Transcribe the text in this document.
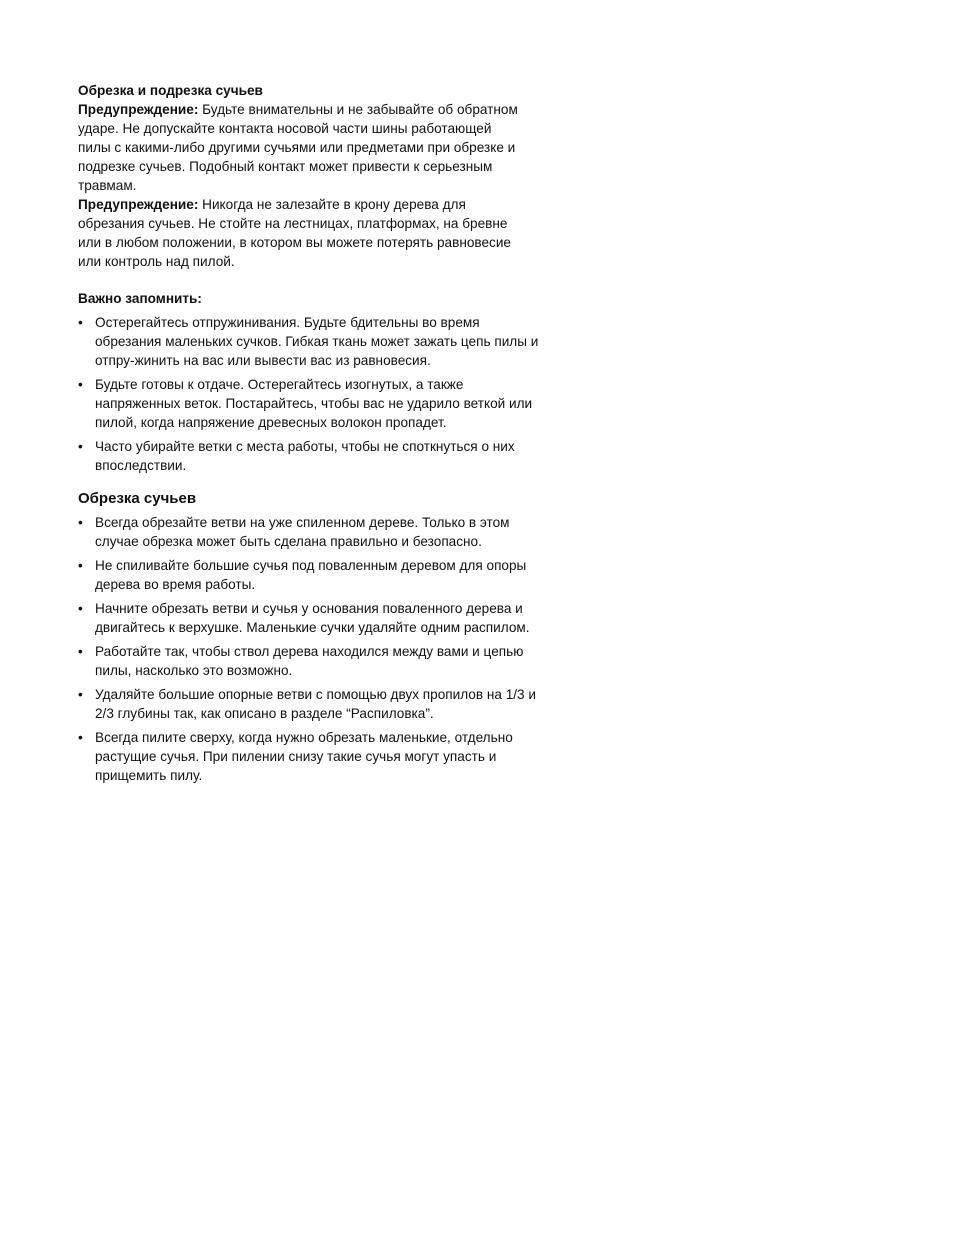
Обрезка и подрезка сучьев

Предупреждение: Будьте внимательны и не забывайте об обратном
ударе. Не допускайте контакта носовой части шины работающей
пилы с какими-либо другими сучьями или предметами при обрезке и
подрезке сучьев. Подобный контакт может привести к серьезным
травмам.

Предупреждение: Никогда не залезайте в крону дерева для
обрезания сучьев. Не стойте на лестницах, платформах, на бревне
или в любом положении, в котором вы можете потерять равновесие
или контроль над пилой.

Важно запомнить:

• Остерегайтесь отпружинивания. Будьте бдительны во время
обрезания маленьких сучков. Гибкая ткань может зажать цепь пилы и
отпру-жинить на вас или вывести вас из равновесия.
• Будьте готовы к отдаче. Остерегайтесь изогнутых, а также
напряженных веток. Постарайтесь, чтобы вас не ударило веткой или
пилой, когда напряжение древесных волокон пропадет.
• Часто убирайте ветки с места работы, чтобы не споткнуться о них
впоследствии.

Обрезка сучьев

• Всегда обрезайте ветви на уже спиленном дереве. Только в этом
случае обрезка может быть сделана правильно и безопасно.
• Не спиливайте большие сучья под поваленным деревом для опоры
дерева во время работы.
• Начните обрезать ветви и сучья у основания поваленного дерева и
двигайтесь к верхушке. Маленькие сучки удаляйте одним распилом.
• Работайте так, чтобы ствол дерева находился между вами и цепью
пилы, насколько это возможно.
• Удаляйте большие опорные ветви с помощью двух пропилов на 1/3 и
2/3 глубины так, как описано в разделе “Распиловка”.
• Всегда пилите сверху, когда нужно обрезать маленькие, отдельно
растущие сучья. При пилении снизу такие сучья могут упасть и
прищемить пилу.
